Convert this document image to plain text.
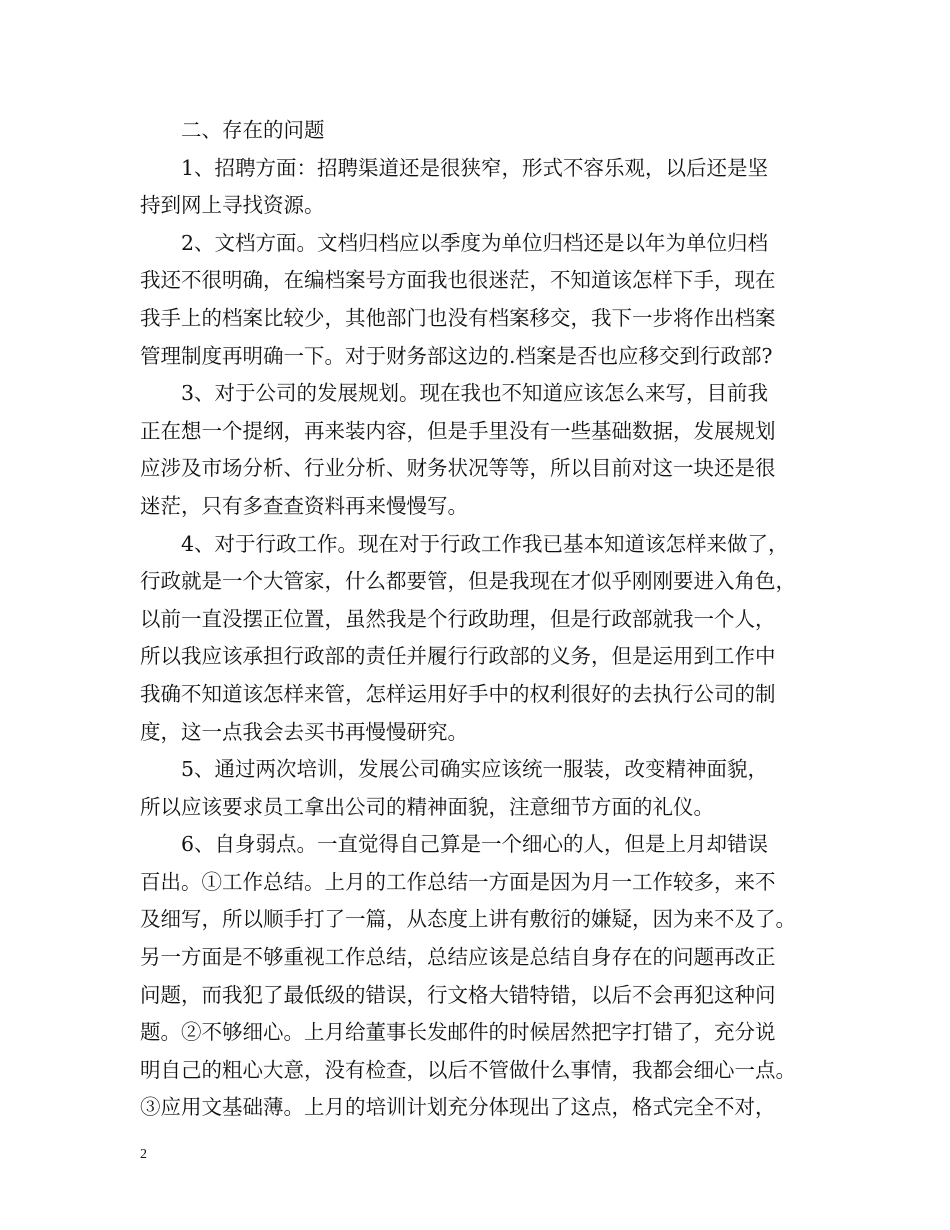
二、存在的问题
1、招聘方面：招聘渠道还是很狭窄，形式不容乐观，以后还是坚
持到网上寻找资源。
2、文档方面。文档归档应以季度为单位归档还是以年为单位归档
我还不很明确，在编档案号方面我也很迷茫，不知道该怎样下手，现在
我手上的档案比较少，其他部门也没有档案移交，我下一步将作出档案
管理制度再明确一下。对于财务部这边的.档案是否也应移交到行政部?
3、对于公司的发展规划。现在我也不知道应该怎么来写，目前我
正在想一个提纲，再来装内容，但是手里没有一些基础数据，发展规划
应涉及市场分析、行业分析、财务状况等等，所以目前对这一块还是很
迷茫，只有多查查资料再来慢慢写。
4、对于行政工作。现在对于行政工作我已基本知道该怎样来做了，
行政就是一个大管家，什么都要管，但是我现在才似乎刚刚要进入角色，
以前一直没摆正位置，虽然我是个行政助理，但是行政部就我一个人，
所以我应该承担行政部的责任并履行行政部的义务，但是运用到工作中
我确不知道该怎样来管，怎样运用好手中的权利很好的去执行公司的制
度，这一点我会去买书再慢慢研究。
5、通过两次培训，发展公司确实应该统一服装，改变精神面貌，
所以应该要求员工拿出公司的精神面貌，注意细节方面的礼仪。
6、自身弱点。一直觉得自己算是一个细心的人，但是上月却错误
百出。①工作总结。上月的工作总结一方面是因为月一工作较多，来不
及细写，所以顺手打了一篇，从态度上讲有敷衍的嫌疑，因为来不及了。
另一方面是不够重视工作总结，总结应该是总结自身存在的问题再改正
问题，而我犯了最低级的错误，行文格大错特错，以后不会再犯这种问
题。②不够细心。上月给董事长发邮件的时候居然把字打错了，充分说
明自己的粗心大意，没有检查，以后不管做什么事情，我都会细心一点。
③应用文基础薄。上月的培训计划充分体现出了这点，格式完全不对，
2
